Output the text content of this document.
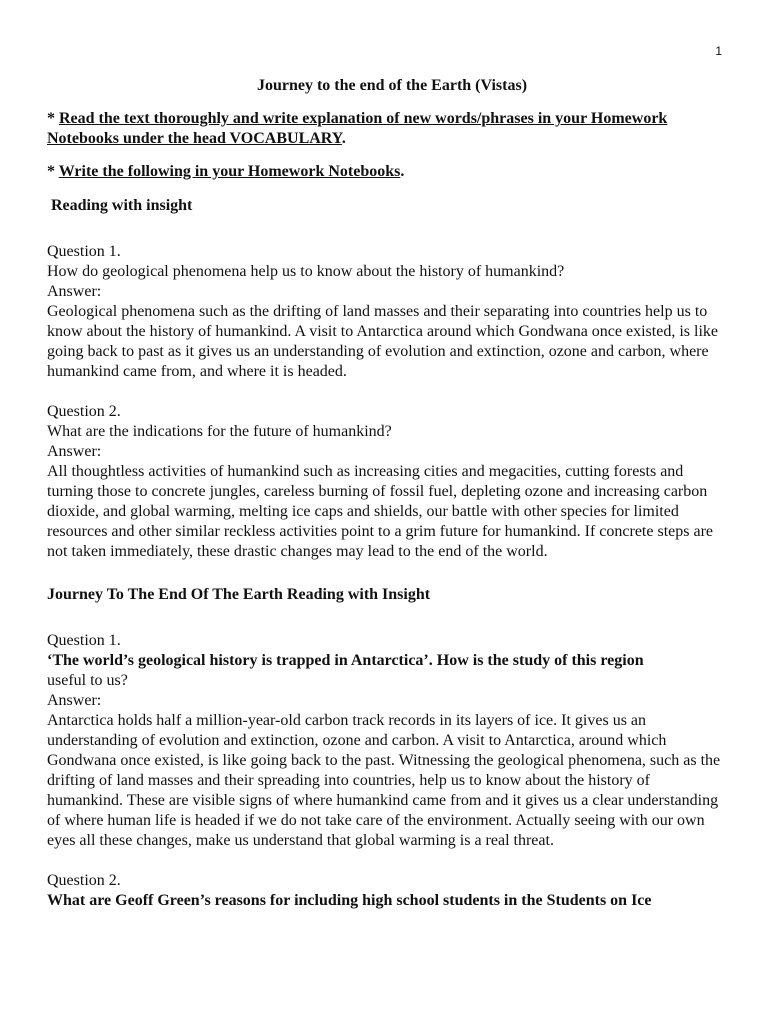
1

Journey to the end of the Earth (Vistas)

* Read the text thoroughly and write explanation of new words/phrases in your Homework Notebooks under the head VOCABULARY.

* Write the following in your Homework Notebooks.

Reading with insight

Question 1.

How do geological phenomena help us to know about the history of humankind?

Answer:

Geological phenomena such as the drifting of land masses and their separating into countries help us to know about the history of humankind. A visit to Antarctica around which Gondwana once existed, is like going back to past as it gives us an understanding of evolution and extinction, ozone and carbon, where humankind came from, and where it is headed.

Question 2.

What are the indications for the future of humankind?

Answer:

All thoughtless activities of humankind such as increasing cities and megacities, cutting forests and turning those to concrete jungles, careless burning of fossil fuel, depleting ozone and increasing carbon dioxide, and global warming, melting ice caps and shields, our battle with other species for limited resources and other similar reckless activities point to a grim future for humankind. If concrete steps are not taken immediately, these drastic changes may lead to the end of the world.

Journey To The End Of The Earth Reading with Insight

Question 1.

‘The world’s geological history is trapped in Antarctica’. How is the study of this region
useful to us?

Answer:

Antarctica holds half a million-year-old carbon track records in its layers of ice. It gives us an understanding of evolution and extinction, ozone and carbon. A visit to Antarctica, around which Gondwana once existed, is like going back to the past. Witnessing the geological phenomena, such as the drifting of land masses and their spreading into countries, help us to know about the history of humankind. These are visible signs of where humankind came from and it gives us a clear understanding of where human life is headed if we do not take care of the environment. Actually seeing with our own eyes all these changes, make us understand that global warming is a real threat.

Question 2.

What are Geoff Green’s reasons for including high school students in the Students on Ice
